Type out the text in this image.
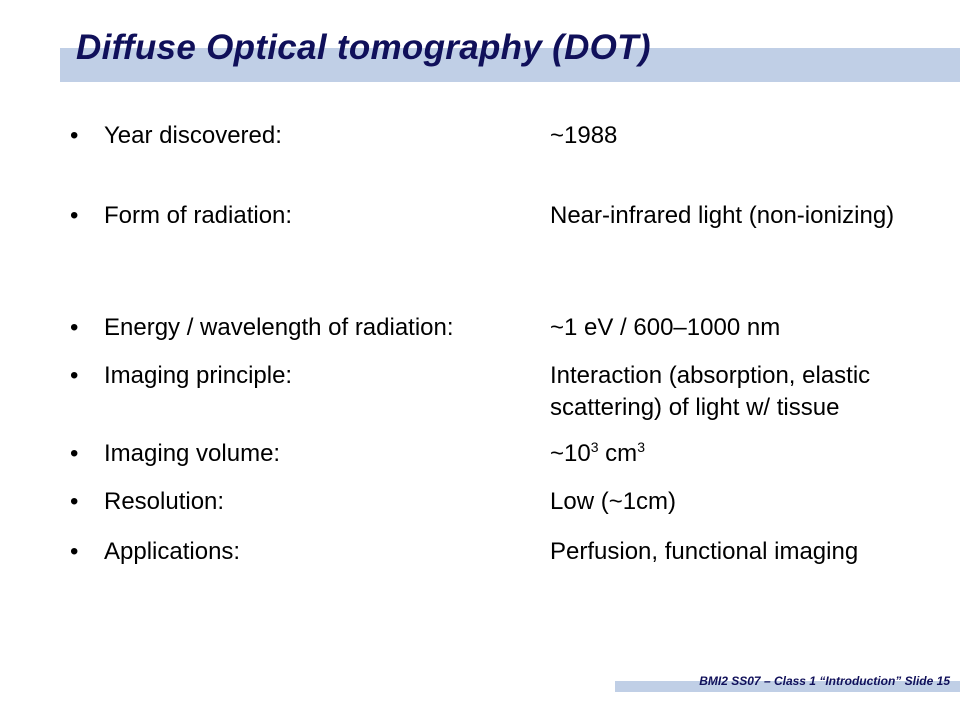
Diffuse Optical tomography (DOT)
• Year discovered:	~1988
• Form of radiation:	Near-infrared light (non-ionizing)
• Energy / wavelength of radiation:	~1 eV / 600–1000 nm
• Imaging principle:	Interaction (absorption, elastic scattering) of light w/ tissue
• Imaging volume:	$\sim 10^3$ $cm^3$
• Resolution:	Low (~1cm)
• Applications:	Perfusion, functional imaging
BMI2 SS07 – Class 1 “Introduction” Slide 15
